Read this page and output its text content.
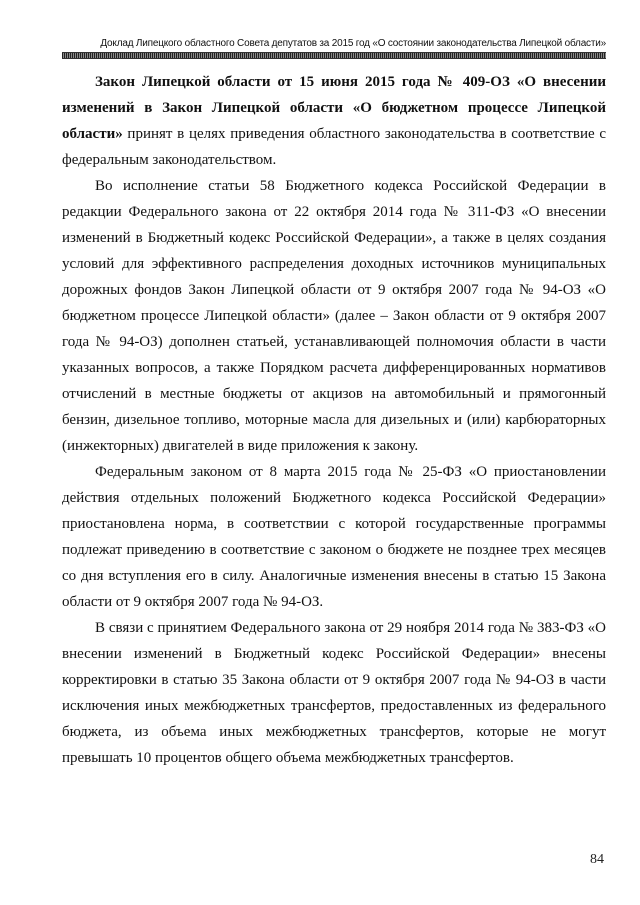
Доклад Липецкого областного Совета депутатов за 2015 год «О состоянии законодательства Липецкой области»

Закон Липецкой области от 15 июня 2015 года № 409-ОЗ «О внесении изменений в Закон Липецкой области «О бюджетном процессе Липецкой области» принят в целях приведения областного законодательства в соответствие с федеральным законодательством.

Во исполнение статьи 58 Бюджетного кодекса Российской Федерации в редакции Федерального закона от 22 октября 2014 года № 311-ФЗ «О внесении изменений в Бюджетный кодекс Российской Федерации», а также в целях создания условий для эффективного распределения доходных источников муниципальных дорожных фондов Закон Липецкой области от 9 октября 2007 года № 94-ОЗ «О бюджетном процессе Липецкой области» (далее – Закон области от 9 октября 2007 года № 94-ОЗ) дополнен статьей, устанавливающей полномочия области в части указанных вопросов, а также Порядком расчета дифференцированных нормативов отчислений в местные бюджеты от акцизов на автомобильный и прямогонный бензин, дизельное топливо, моторные масла для дизельных и (или) карбюраторных (инжекторных) двигателей в виде приложения к закону.

Федеральным законом от 8 марта 2015 года № 25-ФЗ «О приостановлении действия отдельных положений Бюджетного кодекса Российской Федерации» приостановлена норма, в соответствии с которой государственные программы подлежат приведению в соответствие с законом о бюджете не позднее трех месяцев со дня вступления его в силу. Аналогичные изменения внесены в статью 15 Закона области от 9 октября 2007 года № 94-ОЗ.

В связи с принятием Федерального закона от 29 ноября 2014 года № 383-ФЗ «О внесении изменений в Бюджетный кодекс Российской Федерации» внесены корректировки в статью 35 Закона области от 9 октября 2007 года № 94-ОЗ в части исключения иных межбюджетных трансфертов, предоставленных из федерального бюджета, из объема иных межбюджетных трансфертов, которые не могут превышать 10 процентов общего объема межбюджетных трансфертов.

84
